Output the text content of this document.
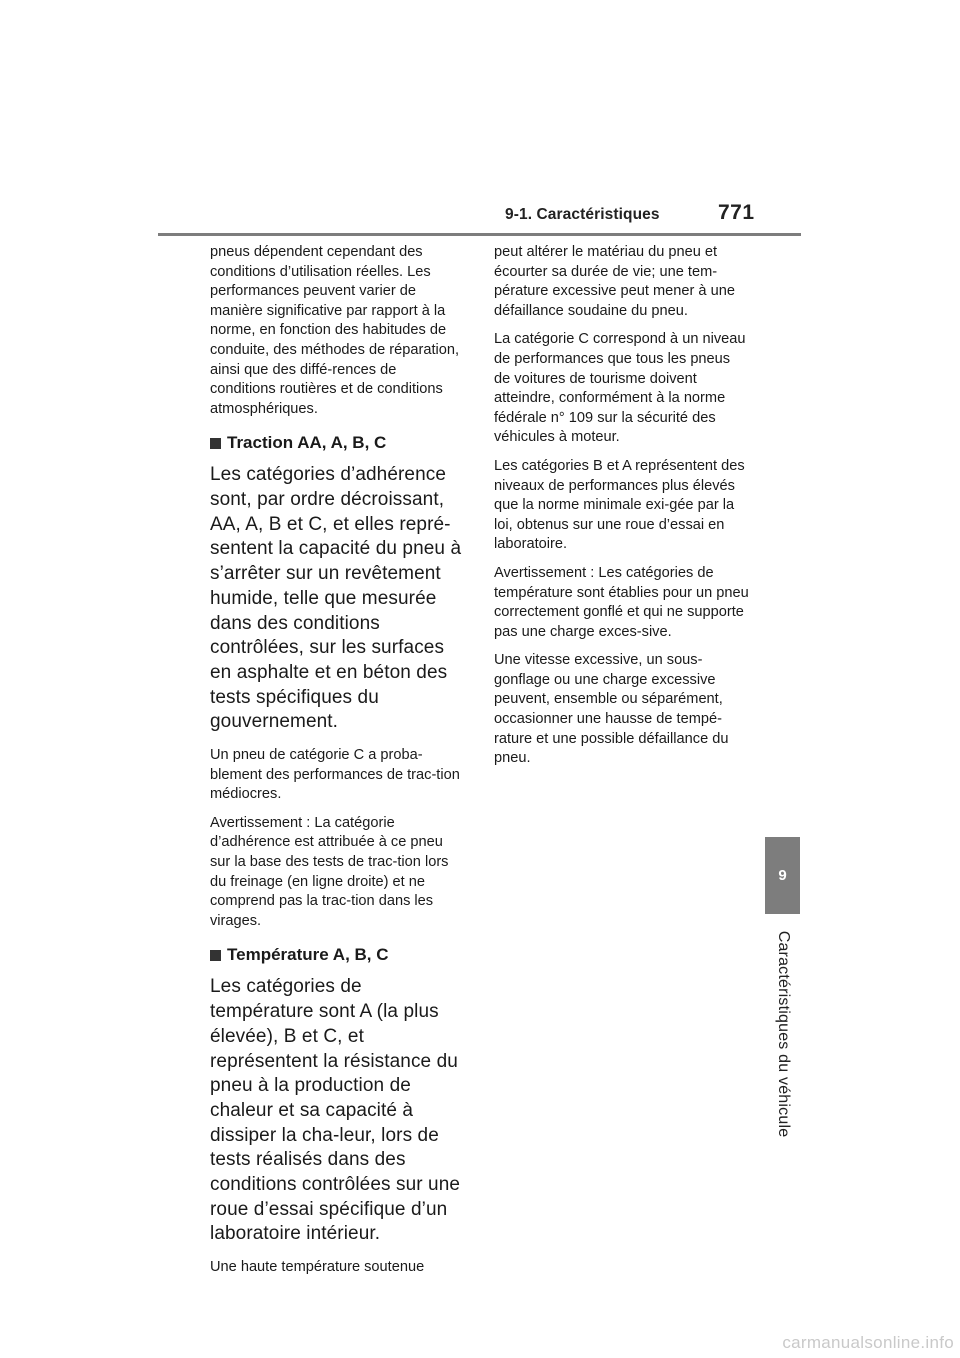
9-1. Caractéristiques	771
9
Caractéristiques du véhicule

pneus dépendent cependant des conditions d’utilisation réelles. Les performances peuvent varier de manière significative par rapport à la norme, en fonction des habitudes de conduite, des méthodes de réparation, ainsi que des diffé-rences de conditions routières et de conditions atmosphériques.

Traction AA, A, B, C

Les catégories d’adhérence sont, par ordre décroissant, AA, A, B et C, et elles repré-sentent la capacité du pneu à s’arrêter sur un revêtement humide, telle que mesurée dans des conditions contrôlées, sur les surfaces en asphalte et en béton des tests spécifiques du gouvernement.

Un pneu de catégorie C a proba-blement des performances de trac-tion médiocres.

Avertissement : La catégorie d’adhérence est attribuée à ce pneu sur la base des tests de trac-tion lors du freinage (en ligne droite) et ne comprend pas la trac-tion dans les virages.

Température A, B, C

Les catégories de température sont A (la plus élevée), B et C, et représentent la résistance du pneu à la production de chaleur et sa capacité à dissiper la cha-leur, lors de tests réalisés dans des conditions contrôlées sur une roue d’essai spécifique d’un laboratoire intérieur.

Une haute température soutenue

peut altérer le matériau du pneu et écourter sa durée de vie; une tem-pérature excessive peut mener à une défaillance soudaine du pneu.

La catégorie C correspond à un niveau de performances que tous les pneus de voitures de tourisme doivent atteindre, conformément à la norme fédérale n° 109 sur la sécurité des véhicules à moteur.

Les catégories B et A représentent des niveaux de performances plus élevés que la norme minimale exi-gée par la loi, obtenus sur une roue d’essai en laboratoire.

Avertissement : Les catégories de température sont établies pour un pneu correctement gonflé et qui ne supporte pas une charge exces-sive.

Une vitesse excessive, un sous-gonflage ou une charge excessive peuvent, ensemble ou séparément, occasionner une hausse de tempé-rature et une possible défaillance du pneu.

carmanualsonline.info
